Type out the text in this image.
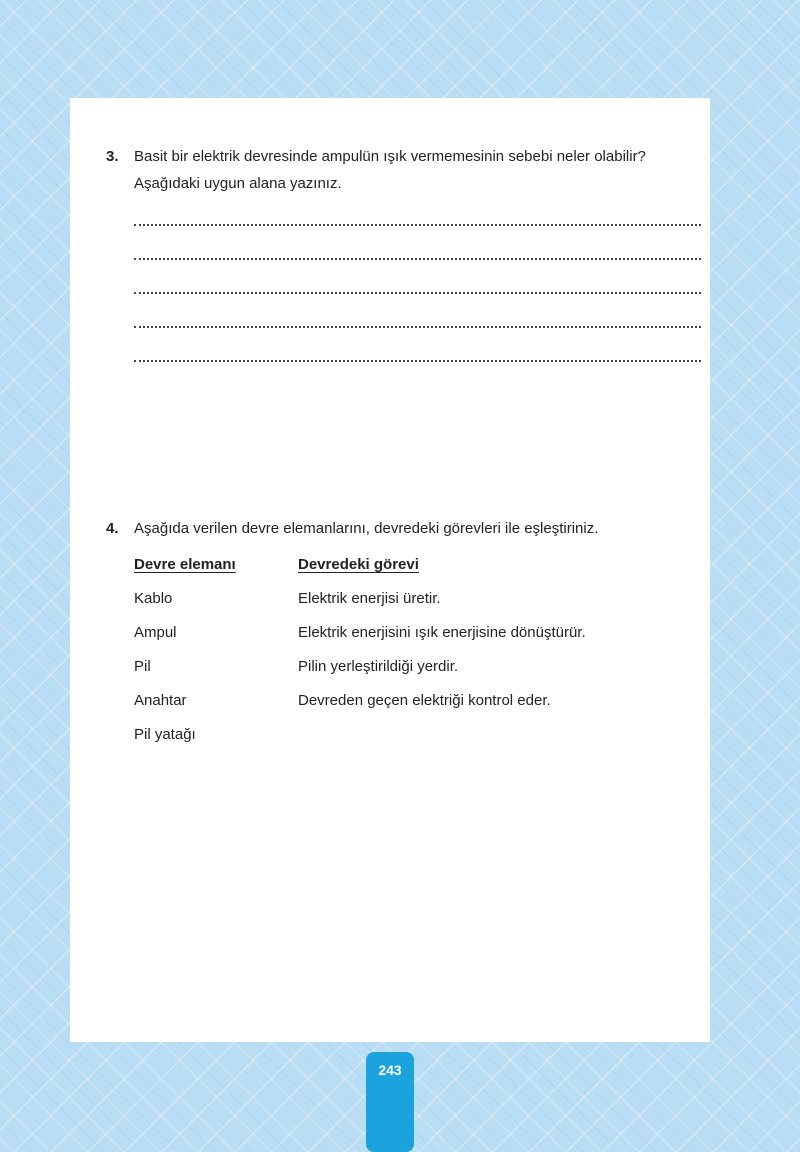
3. Basit bir elektrik devresinde ampulün ışık vermemesinin sebebi neler olabilir? Aşağıdaki uygun alana yazınız.
4. Aşağıda verilen devre elemanlarını, devredeki görevleri ile eşleştiriniz.
Devre elemanı	Devredeki görevi
Kablo	Elektrik enerjisi üretir.
Ampul	Elektrik enerjisini ışık enerjisine dönüştürür.
Pil	Pilin yerleştirildiği yerdir.
Anahtar	Devreden geçen elektriği kontrol eder.
Pil yatağı
243
